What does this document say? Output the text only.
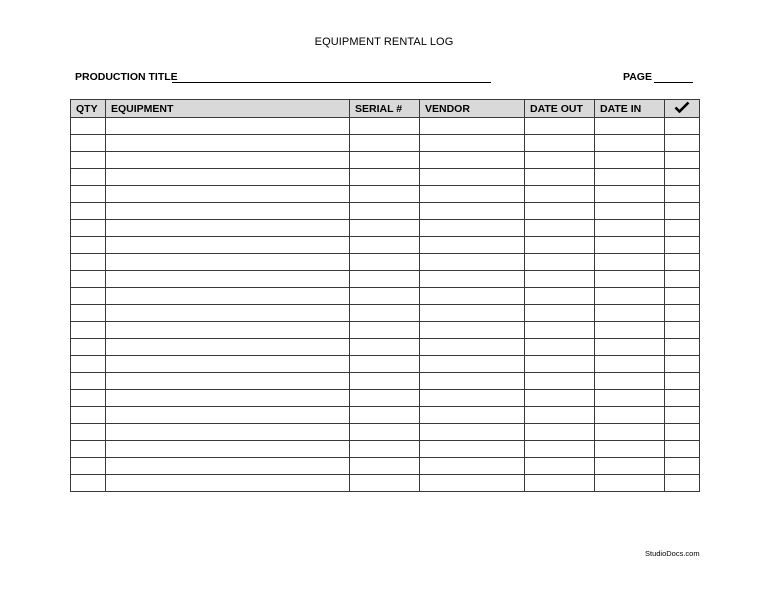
EQUIPMENT RENTAL LOG
PRODUCTION TITLE	PAGE
QTY	EQUIPMENT	SERIAL #	VENDOR	DATE OUT	DATE IN	

StudioDocs.com
